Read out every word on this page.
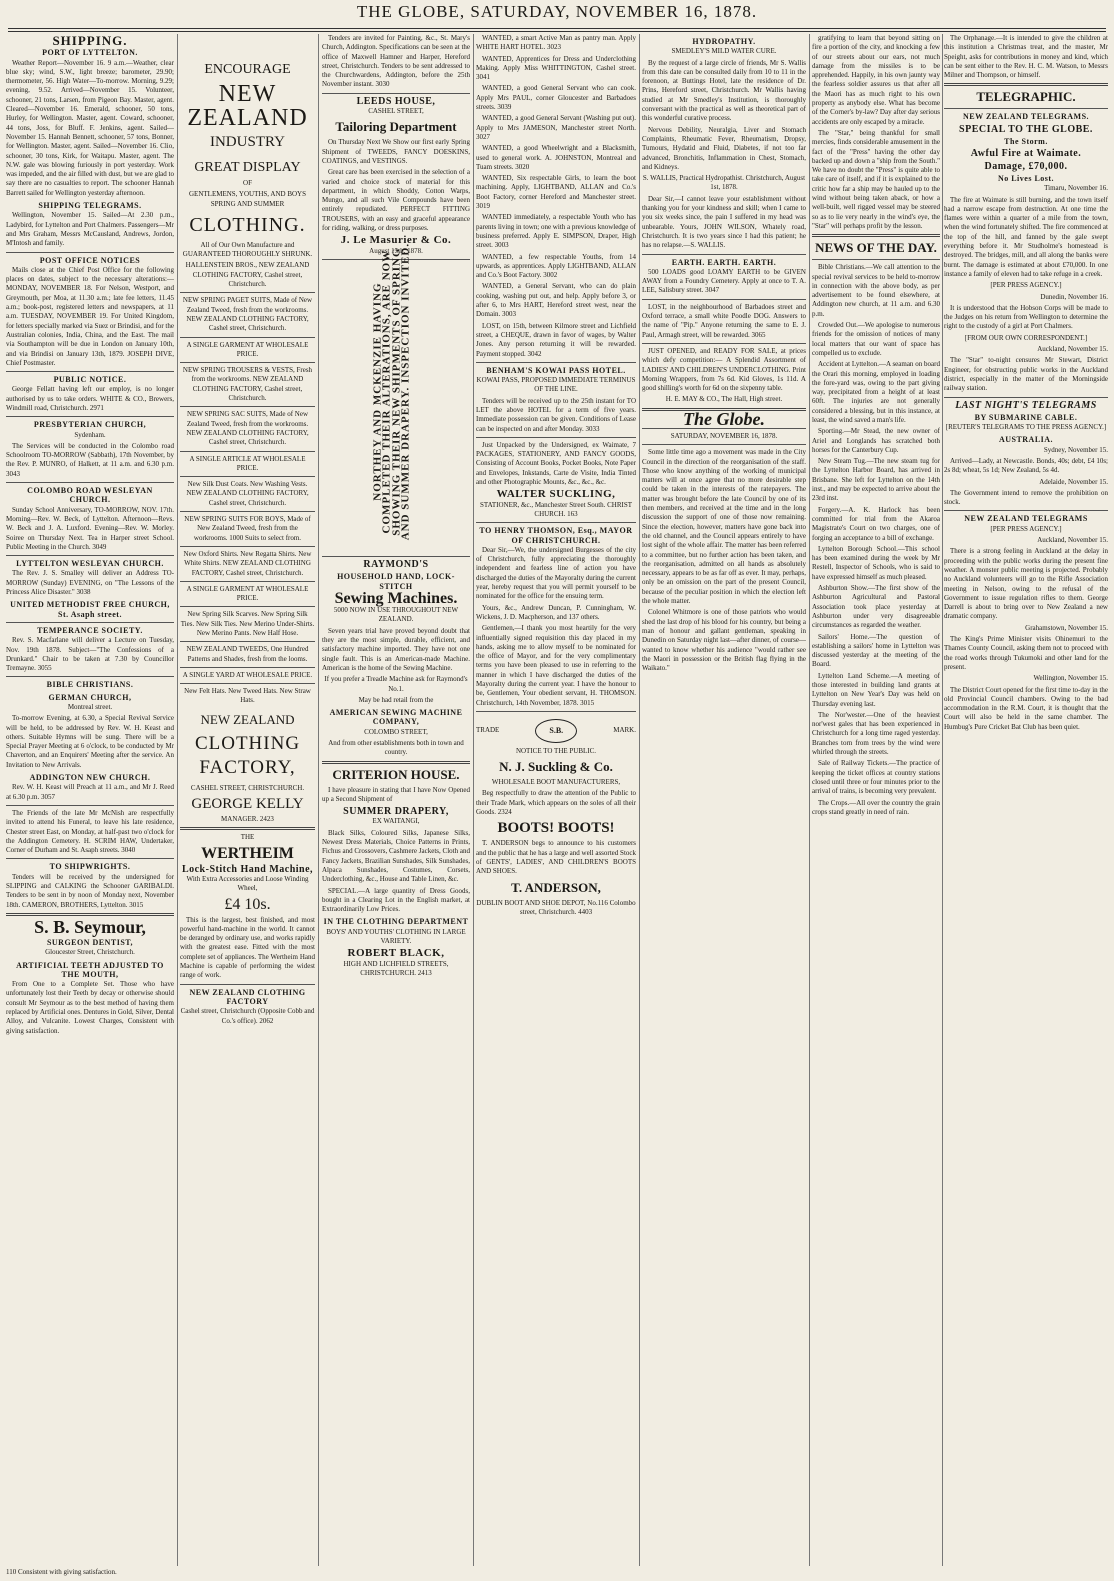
THE GLOBE, SATURDAY, NOVEMBER 16, 1878.
SHIPPING.
PORT OF LYTTELTON.

Weather Report—November 16. 9 a.m.—Weather, clear blue sky; wind, S.W., light breeze; barometer, 29.90; thermometer, 56. High Water—To-morrow. Morning, 9.29; evening, 9.52. Arrived—November 15. Volunteer, schooner, 21 tons, Larsen, from Pigeon Bay. Master, agent. Cleared—November 16. Emerald, schooner, 50 tons, Hurley, for Wellington. Master, agent. Coward, schooner, 44 tons, Joss, for Bluff. F. Jenkins, agent. Sailed—November 15. Hannah Bennett, schooner, 57 tons, Bonner, for Wellington. Master, agent. Sailed—November 16. Clio, schooner, 30 tons, Kirk, for Waitapu. Master, agent. The N.W. gale was blowing furiously in port yesterday. Work was impeded, and the air filled with dust, but we are glad to say there are no casualties to report. The schooner Hannah Barrett sailed for Wellington yesterday afternoon.

SHIPPING TELEGRAMS.

Wellington, November 15. Sailed—At 2.30 p.m., Ladybird, for Lyttelton and Port Chalmers. Passengers—Mr and Mrs Graham, Messrs McCausland, Andrews, Jordon, M'Intosh and family.

POST OFFICE NOTICES

Mails close at the Chief Post Office for the following places on dates, subject to the necessary alterations:— MONDAY, NOVEMBER 18. For Nelson, Westport, and Greymouth, per Moa, at 11.30 a.m.; late fee letters, 11.45 a.m.; book-post, registered letters and newspapers, at 11 a.m. TUESDAY, NOVEMBER 19. For United Kingdom, for letters specially marked via Suez or Brindisi, and for the Australian colonies, India, China, and the East. The mail via Southampton will be due in London on January 10th, and via Brindisi on January 13th, 1879. JOSEPH DIVE, Chief Postmaster.

PUBLIC NOTICE.

George Fellatt having left our employ, is no longer authorised by us to take orders. WHITE & CO., Brewers, Windmill road, Christchurch. 2971

PRESBYTERIAN CHURCH,

Sydenham.

The Services will be conducted in the Colombo road Schoolroom TO-MORROW (Sabbath), 17th November, by the Rev. P. MUNRO, of Halkett, at 11 a.m. and 6.30 p.m. 3043

COLOMBO ROAD WESLEYAN CHURCH.

Sunday School Anniversary, TO-MORROW, NOV. 17th. Morning—Rev. W. Beck, of Lyttelton. Afternoon—Revs. W. Beck and J. A. Luxford. Evening—Rev. W. Morley. Soiree on Thursday Next. Tea in Harper street School. Public Meeting in the Church. 3049

LYTTELTON WESLEYAN CHURCH.

The Rev. J. S. Smalley will deliver an Address TO-MORROW (Sunday) EVENING, on "The Lessons of the Princess Alice Disaster." 3038

UNITED METHODIST FREE CHURCH, St. Asaph street.
TEMPERANCE SOCIETY.

Rev. S. Macfarlane will deliver a Lecture on Tuesday, Nov. 19th 1878. Subject—"The Confessions of a Drunkard." Chair to be taken at 7.30 by Councillor Tremayne. 3055

BIBLE CHRISTIANS.
GERMAN CHURCH,

Montreal street.

To-morrow Evening, at 6.30, a Special Revival Service will be held, to be addressed by Rev. W. H. Keast and others. Suitable Hymns will be sung. There will be a Special Prayer Meeting at 6 o'clock, to be conducted by Mr Chaverton, and an Enquirers' Meeting after the service. An Invitation to New Arrivals.

ADDINGTON NEW CHURCH.

Rev. W. H. Keast will Preach at 11 a.m., and Mr J. Reed at 6.30 p.m. 3057

The Friends of the late Mr McNish are respectfully invited to attend his Funeral, to leave his late residence, Chester street East, on Monday, at half-past two o'clock for the Addington Cemetery. H. SCRIM HAW, Undertaker, Corner of Durham and St. Asaph streets. 3040

TO SHIPWRIGHTS.

Tenders will be received by the undersigned for SLIPPING and CALKING the Schooner GARIBALDI. Tenders to be sent in by noon of Monday next, November 18th. CAMERON, BROTHERS, Lyttelton. 3015

S. B. Seymour,
SURGEON DENTIST,

Gloucester Street, Christchurch.

ARTIFICIAL TEETH ADJUSTED TO THE MOUTH,

From One to a Complete Set. Those who have unfortunately lost their Teeth by decay or otherwise should consult Mr Seymour as to the best method of having them replaced by Artificial ones. Dentures in Gold, Silver, Dental Alloy, and Vulcanite. Lowest Charges, Consistent with giving satisfaction.

ENCOURAGE
NEW ZEALAND
INDUSTRY
GREAT DISPLAY

OF

GENTLEMENS, YOUTHS, AND BOYS SPRING AND SUMMER

CLOTHING.

All of Our Own Manufacture and GUARANTEED THOROUGHLY SHRUNK.

HALLENSTEIN BROS., NEW ZEALAND CLOTHING FACTORY, Cashel street, Christchurch.

NEW SPRING PAGET SUITS, Made of New Zealand Tweed, fresh from the workrooms. NEW ZEALAND CLOTHING FACTORY, Cashel street, Christchurch.

A SINGLE GARMENT AT WHOLESALE PRICE.

NEW SPRING TROUSERS & VESTS, Fresh from the workrooms. NEW ZEALAND CLOTHING FACTORY, Cashel street, Christchurch.

NEW SPRING SAC SUITS, Made of New Zealand Tweed, fresh from the workrooms. NEW ZEALAND CLOTHING FACTORY, Cashel street, Christchurch.

A SINGLE ARTICLE AT WHOLESALE PRICE.

New Silk Dust Coats. New Washing Vests. NEW ZEALAND CLOTHING FACTORY, Cashel street, Christchurch.

NEW SPRING SUITS FOR BOYS, Made of New Zealand Tweed, fresh from the workrooms. 1000 Suits to select from.

New Oxford Shirts. New Regatta Shirts. New White Shirts. NEW ZEALAND CLOTHING FACTORY, Cashel street, Christchurch.

A SINGLE GARMENT AT WHOLESALE PRICE.

New Spring Silk Scarves. New Spring Silk Ties. New Silk Ties. New Merino Under-Shirts. New Merino Pants. New Half Hose.

NEW ZEALAND TWEEDS, One Hundred Patterns and Shades, fresh from the looms.

A SINGLE YARD AT WHOLESALE PRICE.

New Felt Hats. New Tweed Hats. New Straw Hats.

NEW ZEALAND
CLOTHING FACTORY,

CASHEL STREET, CHRISTCHURCH.

GEORGE KELLY

MANAGER. 2423

THE

WERTHEIM
Lock-Stitch Hand Machine,

With Extra Accessories and Loose Winding Wheel,

£4 10s.

This is the largest, best finished, and most powerful hand-machine in the world. It cannot be deranged by ordinary use, and works rapidly with the greatest ease. Fitted with the most complete set of appliances. The Wertheim Hand Machine is capable of performing the widest range of work.

NEW ZEALAND CLOTHING FACTORY

Cashel street, Christchurch (Opposite Cobb and Co.'s office). 2062

Tenders are invited for Painting, &c., St. Mary's Church, Addington. Specifications can be seen at the office of Maxwell Hamner and Harper, Hereford street, Christchurch. Tenders to be sent addressed to the Churchwardens, Addington, before the 25th November instant. 3030

LEEDS HOUSE,

CASHEL STREET,

Tailoring Department

On Thursday Next We Show our first early Spring Shipment of TWEEDS, FANCY DOESKINS, COATINGS, and VESTINGS.

Great care has been exercised in the selection of a varied and choice stock of material for this department, in which Shoddy, Cotton Warps, Mungo, and all such Vile Compounds have been entirely repudiated. PERFECT FITTING TROUSERS, with an easy and graceful appearance for riding, walking, or dress purposes.

J. Le Masurier & Co.

August 15th, 1878.

NORTHEY AND MCKENZIE HAVING COMPLETED THEIR ALTERATIONS, ARE NOW SHOWING THEIR NEW SHIPMENTS OF SPRING AND SUMMER DRAPERY. INSPECTION INVITED.
RAYMOND'S
HOUSEHOLD HAND, LOCK-STITCH
Sewing Machines.

5000 NOW IN USE THROUGHOUT NEW ZEALAND.

Seven years trial have proved beyond doubt that they are the most simple, durable, efficient, and satisfactory machine imported. They have not one single fault. This is an American-made Machine. American is the home of the Sewing Machine.

If you prefer a Treadle Machine ask for Raymond's No.1.

May be had retail from the

AMERICAN SEWING MACHINE COMPANY,

COLOMBO STREET,

And from other establishments both in town and country.

CRITERION HOUSE.

I have pleasure in stating that I have Now Opened up a Second Shipment of

SUMMER DRAPERY,

EX WAITANGI,

Black Silks, Coloured Silks, Japanese Silks, Newest Dress Materials, Choice Patterns in Prints, Fichus and Crossovers, Cashmere Jackets, Cloth and Fancy Jackets, Brazilian Sunshades, Silk Sunshades, Alpaca Sunshades, Costumes, Corsets, Underclothing, &c., House and Table Linen, &c.

SPECIAL.—A large quantity of Dress Goods, bought in a Clearing Lot in the English market, at Extraordinarily Low Prices.

IN THE CLOTHING DEPARTMENT

BOYS' AND YOUTHS' CLOTHING IN LARGE VARIETY.

ROBERT BLACK,

HIGH AND LICHFIELD STREETS, CHRISTCHURCH. 2413

WANTED, a smart Active Man as pantry man. Apply WHITE HART HOTEL. 3023

WANTED, Apprentices for Dress and Underclothing Making. Apply Miss WHITTINGTON, Cashel street. 3041

WANTED, a good General Servant who can cook. Apply Mrs PAUL, corner Gloucester and Barbadoes streets. 3039

WANTED, a good General Servant (Washing put out). Apply to Mrs JAMESON, Manchester street North. 3027

WANTED, a good Wheelwright and a Blacksmith, used to general work. A. JOHNSTON, Montreal and Tuam streets. 3020

WANTED, Six respectable Girls, to learn the boot machining. Apply, LIGHTBAND, ALLAN and Co.'s Boot Factory, corner Hereford and Manchester street. 3019

WANTED immediately, a respectable Youth who has parents living in town; one with a previous knowledge of business preferred. Apply E. SIMPSON, Draper, High street. 3003

WANTED, a few respectable Youths, from 14 upwards, as apprentices. Apply LIGHTBAND, ALLAN and Co.'s Boot Factory. 3002

WANTED, a General Servant, who can do plain cooking, washing put out, and help. Apply before 3, or after 6, to Mrs HART, Hereford street west, near the Domain. 3003

LOST, on 15th, between Kilmore street and Lichfield street, a CHEQUE, drawn in favor of wages, by Walter Jones. Any person returning it will be rewarded. Payment stopped. 3042

BENHAM'S KOWAI PASS HOTEL.

KOWAI PASS, PROPOSED IMMEDIATE TERMINUS OF THE LINE.

Tenders will be received up to the 25th instant for TO LET the above HOTEL for a term of five years. Immediate possession can be given. Conditions of Lease can be inspected on and after Monday. 3033

Just Unpacked by the Undersigned, ex Waimate, 7 PACKAGES, STATIONERY, AND FANCY GOODS, Consisting of Account Books, Pocket Books, Note Paper and Envelopes, Inkstands, Carte de Visite, India Tinted and other Photographic Mounts, &c., &c., &c.

WALTER SUCKLING,

STATIONER, &c., Manchester Street South. CHRIST CHURCH. 163

TO HENRY THOMSON, Esq., MAYOR OF CHRISTCHURCH.

Dear Sir,—We, the undersigned Burgesses of the city of Christchurch, fully appreciating the thoroughly independent and fearless line of action you have discharged the duties of the Mayoralty during the current year, hereby request that you will permit yourself to be nominated for the office for the ensuing term.

Yours, &c., Andrew Duncan, P. Cunningham, W. Wickens, J. D. Macpherson, and 137 others.

Gentlemen,—I thank you most heartily for the very influentially signed requisition this day placed in my hands, asking me to allow myself to be nominated for the office of Mayor, and for the very complimentary terms you have been pleased to use in referring to the manner in which I have discharged the duties of the Mayoralty during the current year. I have the honour to be, Gentlemen, Your obedient servant, H. THOMSON. Christchurch, 14th November, 1878. 3015

TRADE	S.B.	MARK.

NOTICE TO THE PUBLIC.

N. J. Suckling & Co.

WHOLESALE BOOT MANUFACTURERS,

Beg respectfully to draw the attention of the Public to their Trade Mark, which appears on the soles of all their Goods. 2324

BOOTS! BOOTS!

T. ANDERSON begs to announce to his customers and the public that he has a large and well assorted Stock of GENTS', LADIES', AND CHILDREN'S BOOTS AND SHOES.

T. ANDERSON,

DUBLIN BOOT AND SHOE DEPOT, No.116 Colombo street, Christchurch. 4403

HYDROPATHY.

SMEDLEY'S MILD WATER CURE.

By the request of a large circle of friends, Mr S. Wallis from this date can be consulted daily from 10 to 11 in the forenoon, at Buttings Hotel, late the residence of Dr. Prins, Hereford street, Christchurch. Mr Wallis having studied at Mr Smedley's Institution, is thoroughly conversant with the practical as well as theoretical part of this wonderful curative process.

Nervous Debility, Neuralgia, Liver and Stomach Complaints, Rheumatic Fever, Rheumatism, Dropsy, Tumours, Hydatid and Fluid, Diabetes, if not too far advanced, Bronchitis, Inflammation in Chest, Stomach, and Kidneys.

S. WALLIS, Practical Hydropathist. Christchurch, August 1st, 1878.

Dear Sir,—I cannot leave your establishment without thanking you for your kindness and skill; when I came to you six weeks since, the pain I suffered in my head was unbearable. Yours, JOHN WILSON, Whately road, Christchurch. It is two years since I had this patient; he has no relapse.—S. WALLIS.

EARTH. EARTH. EARTH.

500 LOADS good LOAMY EARTH to be GIVEN AWAY from a Foundry Cemetery. Apply at once to T. A. LEE, Salisbury street. 3047

LOST, in the neighbourhood of Barbadoes street and Oxford terrace, a small white Poodle DOG. Answers to the name of "Pip." Anyone returning the same to E. J. Paul, Armagh street, will be rewarded. 3065

JUST OPENED, and READY FOR SALE, at prices which defy competition:— A Splendid Assortment of LADIES' AND CHILDREN'S UNDERCLOTHING. Print Morning Wrappers, from 7s 6d. Kid Gloves, 1s 11d. A good shilling's worth for 6d on the sixpenny table.

H. E. MAY & CO., The Hall, High street.

The Globe.

SATURDAY, NOVEMBER 16, 1878.

Some little time ago a movement was made in the City Council in the direction of the reorganisation of the staff. Those who know anything of the working of municipal matters will at once agree that no more desirable step could be taken in the interests of the ratepayers. The matter was brought before the late Council by one of its then members, and received at the time and in the long discussion the support of one of those now remaining. Since the election, however, matters have gone back into the old channel, and the Council appears entirely to have lost sight of the whole affair. The matter has been referred to a committee, but no further action has been taken, and the reorganisation, admitted on all hands as absolutely necessary, appears to be as far off as ever. It may, perhaps, only be an omission on the part of the present Council, because of the peculiar position in which the election left the whole matter.

Colonel Whitmore is one of those patriots who would shed the last drop of his blood for his country, but being a man of honour and gallant gentleman, speaking in Dunedin on Saturday night last—after dinner, of course—wanted to know whether his audience "would rather see the Maori in possession or the British flag flying in the Waikato."

gratifying to learn that beyond sitting on fire a portion of the city, and knocking a few of our streets about our ears, not much damage from the missiles is to be apprehended. Happily, in his own jaunty way the fearless soldier assures us that after all the Maori has as much right to his own property as anybody else. What has become of the Corner's by-law? Day after day serious accidents are only escaped by a miracle.

The "Star," being thankful for small mercies, finds considerable amusement in the fact of the "Press" having the other day backed up and down a "ship from the South." We have no doubt the "Press" is quite able to take care of itself, and if it is explained to the critic how far a ship may be hauled up to the wind without being taken aback, or how a well-built, well rigged vessel may be steered so as to lie very nearly in the wind's eye, the "Star" will perhaps profit by the lesson.

NEWS OF THE DAY.

Bible Christians.—We call attention to the special revival services to be held to-morrow in connection with the above body, as per advertisement to be found elsewhere, at Addington new church, at 11 a.m. and 6.30 p.m.

Crowded Out.—We apologise to numerous friends for the omission of notices of many local matters that our want of space has compelled us to exclude.

Accident at Lyttelton.—A seaman on board the Orari this morning, employed in loading the fore-yard was, owing to the part giving way, precipitated from a height of at least 60ft. The injuries are not generally considered a blessing, but in this instance, at least, the wind saved a man's life.

Sporting.—Mr Stead, the new owner of Ariel and Longlands has scratched both horses for the Canterbury Cup.

New Steam Tug.—The new steam tug for the Lyttelton Harbor Board, has arrived in Brisbane. She left for Lyttelton on the 14th inst., and may be expected to arrive about the 23rd inst.

Forgery.—A. K. Harlock has been committed for trial from the Akaroa Magistrate's Court on two charges, one of forging an acceptance to a bill of exchange.

Lyttelton Borough School.—This school has been examined during the week by Mr Restell, Inspector of Schools, who is said to have expressed himself as much pleased.

Ashburton Show.—The first show of the Ashburton Agricultural and Pastoral Association took place yesterday at Ashburton under very disagreeable circumstances as regarded the weather.

Sailors' Home.—The question of establishing a sailors' home in Lyttelton was discussed yesterday at the meeting of the Board.

Lyttelton Land Scheme.—A meeting of those interested in building land grants at Lyttelton on New Year's Day was held on Thursday evening last.

The Nor'wester.—One of the heaviest nor'west gales that has been experienced in Christchurch for a long time raged yesterday. Branches torn from trees by the wind were whirled through the streets.

Sale of Railway Tickets.—The practice of keeping the ticket offices at country stations closed until three or four minutes prior to the arrival of trains, is becoming very prevalent.

The Crops.—All over the country the grain crops stand greatly in need of rain.

The Orphanage.—It is intended to give the children at this institution a Christmas treat, and the master, Mr Speight, asks for contributions in money and kind, which can be sent either to the Rev. H. C. M. Watson, to Messrs Milner and Thompson, or himself.

TELEGRAPHIC.
NEW ZEALAND TELEGRAMS.
SPECIAL TO THE GLOBE.
The Storm.
Awful Fire at Waimate.
Damage, £70,000.
No Lives Lost.

Timaru, November 16.

The fire at Waimate is still burning, and the town itself had a narrow escape from destruction. At one time the flames were within a quarter of a mile from the town, when the wind fortunately shifted. The fire commenced at the top of the hill, and fanned by the gale swept everything before it. Mr Studholme's homestead is destroyed. The bridges, mill, and all along the banks were burnt. The damage is estimated at about £70,000. In one instance a family of eleven had to take refuge in a creek.

[PER PRESS AGENCY.]

Dunedin, November 16.

It is understood that the Hobson Corps will be made to the Judges on his return from Wellington to determine the right to the custody of a girl at Port Chalmers.

[FROM OUR OWN CORRESPONDENT.]

Auckland, November 15.

The "Star" to-night censures Mr Stewart, District Engineer, for obstructing public works in the Auckland district, especially in the matter of the Morningside railway station.

LAST NIGHT'S TELEGRAMS
BY SUBMARINE CABLE.

[REUTER'S TELEGRAMS TO THE PRESS AGENCY.]

AUSTRALIA.

Sydney, November 15.

Arrived—Lady, at Newcastle. Bonds, 40s; debt, £4 10s; 2s 8d; wheat, 5s 1d; New Zealand, 5s 4d.

Adelaide, November 15.

The Government intend to remove the prohibition on stock.

NEW ZEALAND TELEGRAMS

[PER PRESS AGENCY.]

Auckland, November 15.

There is a strong feeling in Auckland at the delay in proceeding with the public works during the present fine weather. A monster public meeting is projected. Probably no Auckland volunteers will go to the Rifle Association meeting in Nelson, owing to the refusal of the Government to issue regulation rifles to them. George Darrell is about to bring over to New Zealand a new dramatic company.

Grahamstown, November 15.

The King's Prime Minister visits Ohinemuri to the Thames County Council, asking them not to proceed with the road works through Tukumoki and other land for the present.

Wellington, November 15.

The District Court opened for the first time to-day in the old Provincial Council chambers. Owing to the bad accommodation in the R.M. Court, it is thought that the Court will also be held in the same chamber. The Humbug's Pure Cricket Bat Club has been quiet.

110 Consistent with giving satisfaction.
